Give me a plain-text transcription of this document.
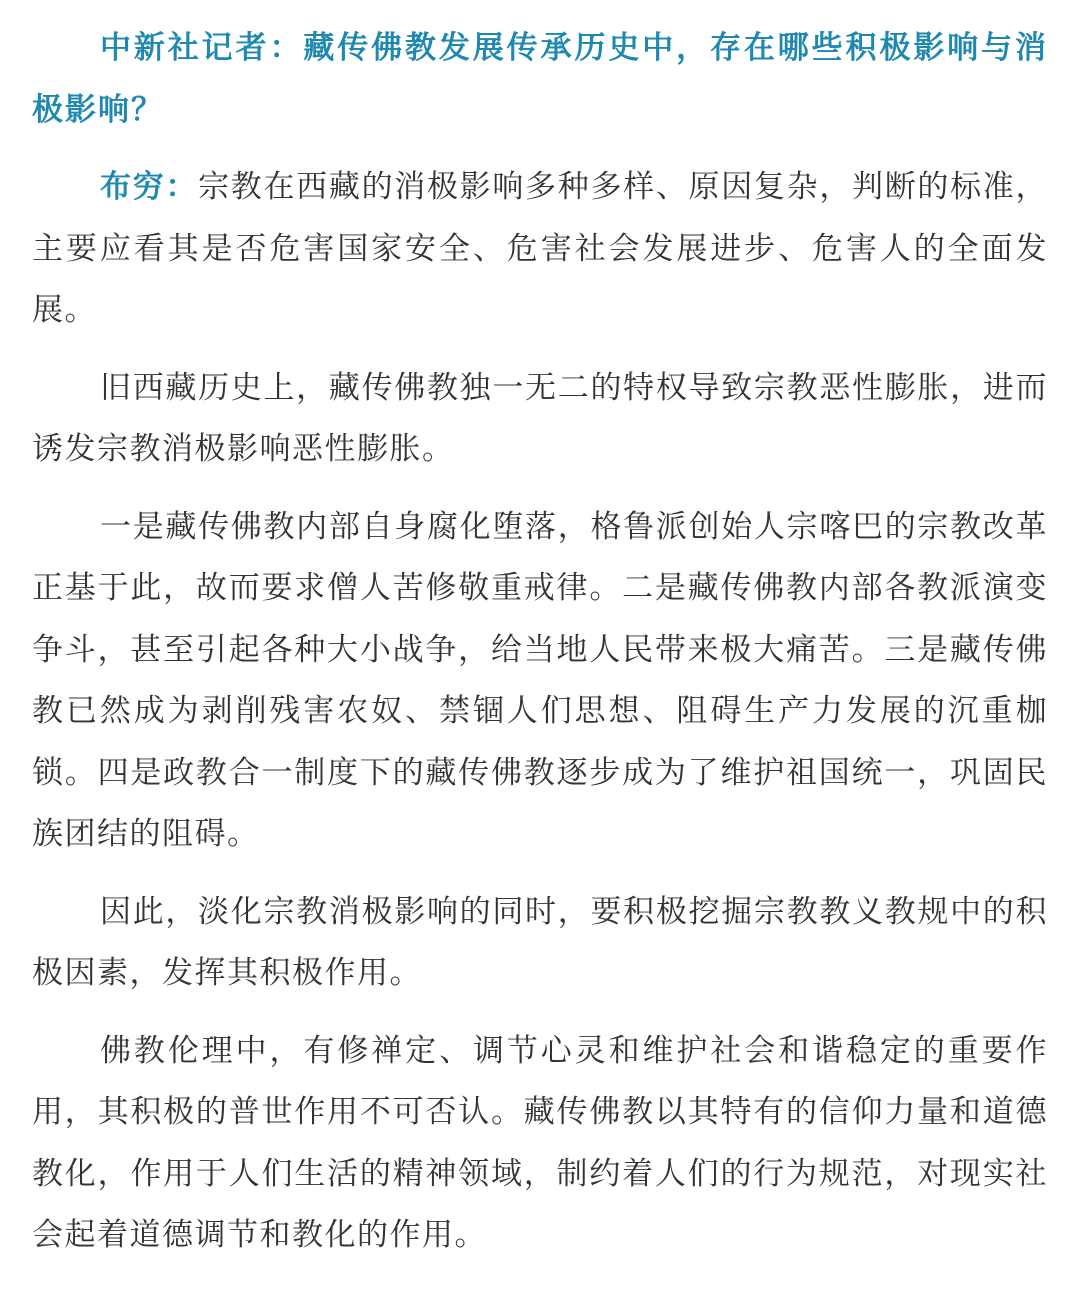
中新社记者：藏传佛教发展传承历史中，存在哪些积极影响与消极影响？

布穷：宗教在西藏的消极影响多种多样、原因复杂，判断的标准，主要应看其是否危害国家安全、危害社会发展进步、危害人的全面发展。

旧西藏历史上，藏传佛教独一无二的特权导致宗教恶性膨胀，进而诱发宗教消极影响恶性膨胀。

一是藏传佛教内部自身腐化堕落，格鲁派创始人宗喀巴的宗教改革正基于此，故而要求僧人苦修敬重戒律。二是藏传佛教内部各教派演变争斗，甚至引起各种大小战争，给当地人民带来极大痛苦。三是藏传佛教已然成为剥削残害农奴、禁锢人们思想、阻碍生产力发展的沉重枷锁。四是政教合一制度下的藏传佛教逐步成为了维护祖国统一，巩固民族团结的阻碍。

因此，淡化宗教消极影响的同时，要积极挖掘宗教教义教规中的积极因素，发挥其积极作用。

佛教伦理中，有修禅定、调节心灵和维护社会和谐稳定的重要作用，其积极的普世作用不可否认。藏传佛教以其特有的信仰力量和道德教化，作用于人们生活的精神领域，制约着人们的行为规范，对现实社会起着道德调节和教化的作用。
